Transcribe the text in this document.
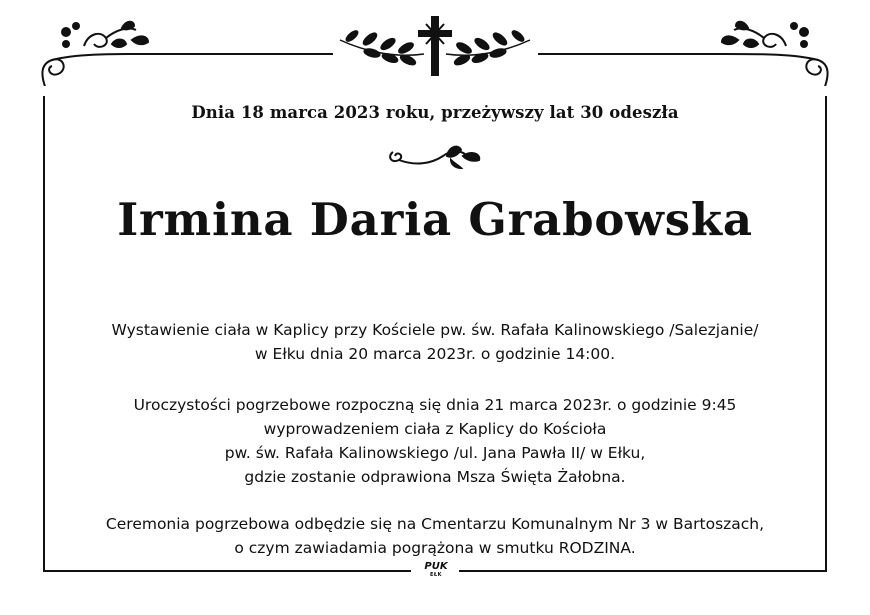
Dnia 18 marca 2023 roku, przeżywszy lat 30 odeszła
Irmina Daria Grabowska

Wystawienie ciała w Kaplicy przy Kościele pw. św. Rafała Kalinowskiego /Salezjanie/

w Ełku dnia 20 marca 2023r. o godzinie 14:00.

Uroczystości pogrzebowe rozpoczną się dnia 21 marca 2023r. o godzinie 9:45

wyprowadzeniem ciała z Kaplicy do Kościoła

pw. św. Rafała Kalinowskiego /ul. Jana Pawła II/ w Ełku,

gdzie zostanie odprawiona Msza Święta Żałobna.

Ceremonia pogrzebowa odbędzie się na Cmentarzu Komunalnym Nr 3 w Bartoszach,

o czym zawiadamia pogrążona w smutku RODZINA.

PUK
EŁK
